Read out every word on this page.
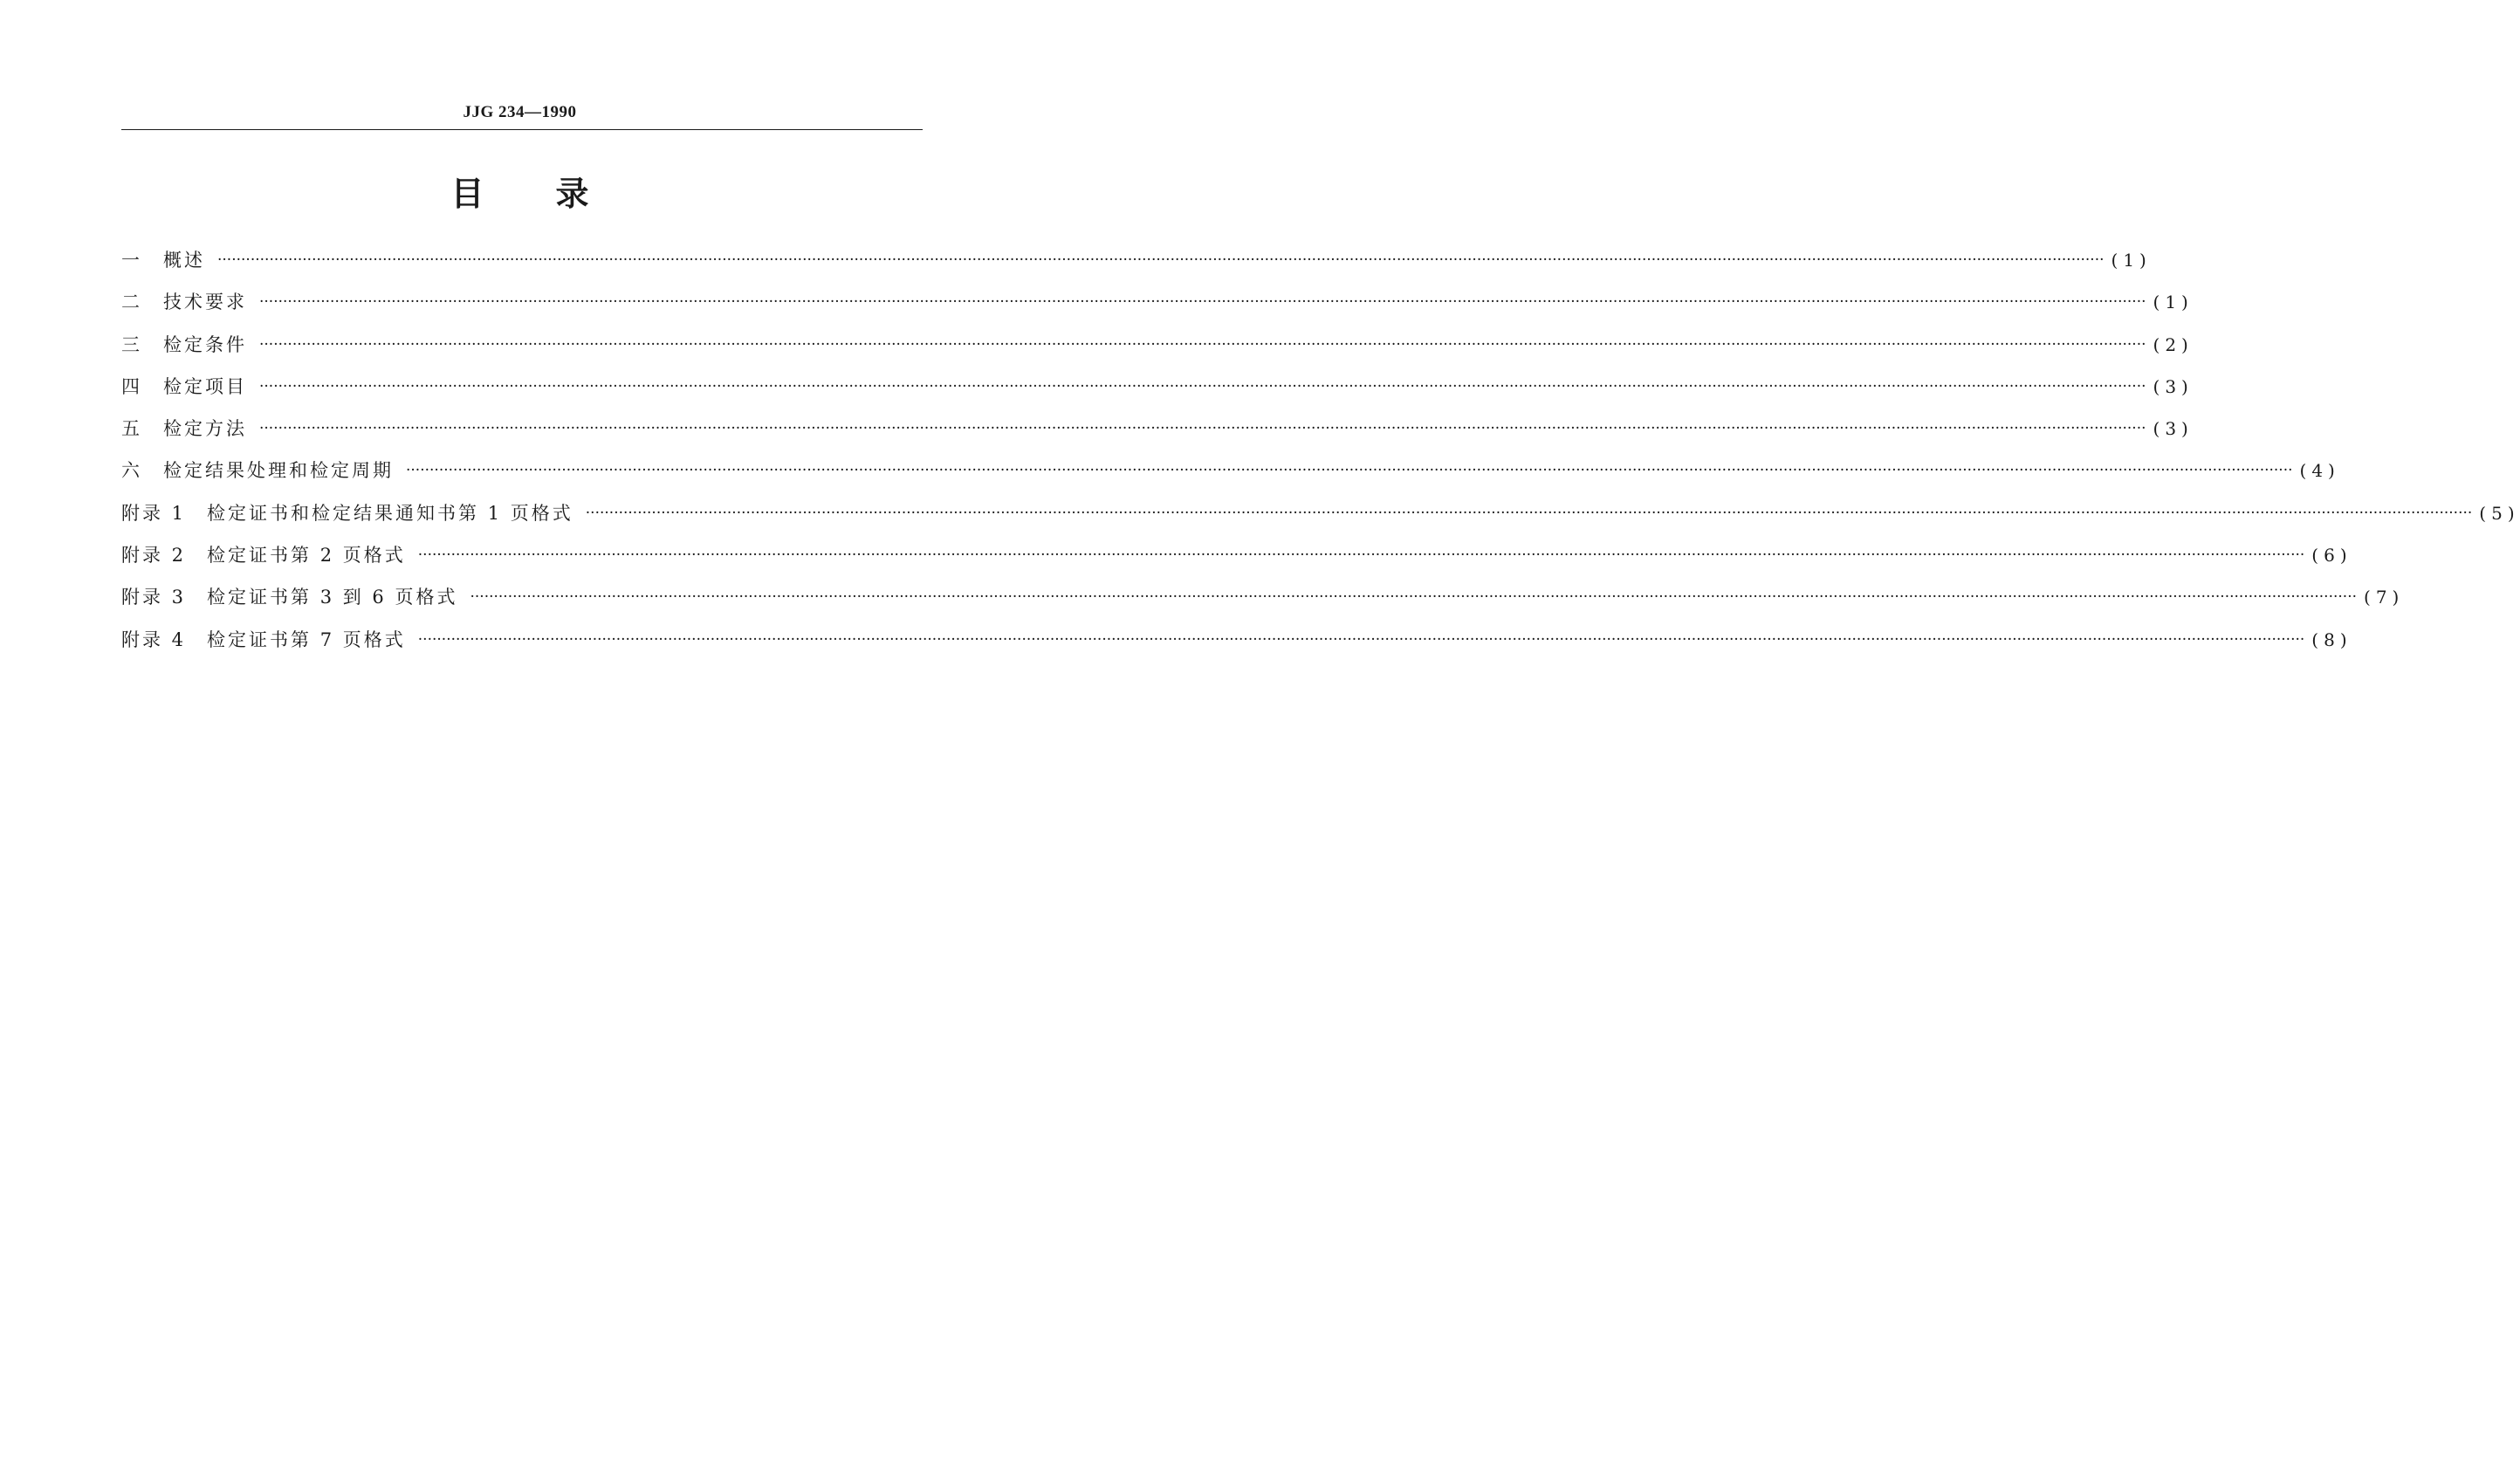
JJG 234—1990
目 录
一
　 概述 ················································································································································································································································································································································································································ (1)
二
　 技术要求 ················································································································································································································································································································································································································ (1)
三
　 检定条件 ················································································································································································································································································································································································································ (2)
四
　 检定项目 ················································································································································································································································································································································································································ (3)
五
　 检定方法 ················································································································································································································································································································································································································ (3)
六
　 检定结果处理和检定周期 ················································································································································································································································································································································································································ (4)
附录 1
　 检定证书和检定结果通知书第 1 页格式 ················································································································································································································································································································································································································ (5)
附录 2
　 检定证书第 2 页格式 ················································································································································································································································································································································································································ (6)
附录 3
　 检定证书第 3 到 6 页格式 ················································································································································································································································································································································································································ (7)
附录 4
　 检定证书第 7 页格式 ················································································································································································································································································································································································································ (8)
